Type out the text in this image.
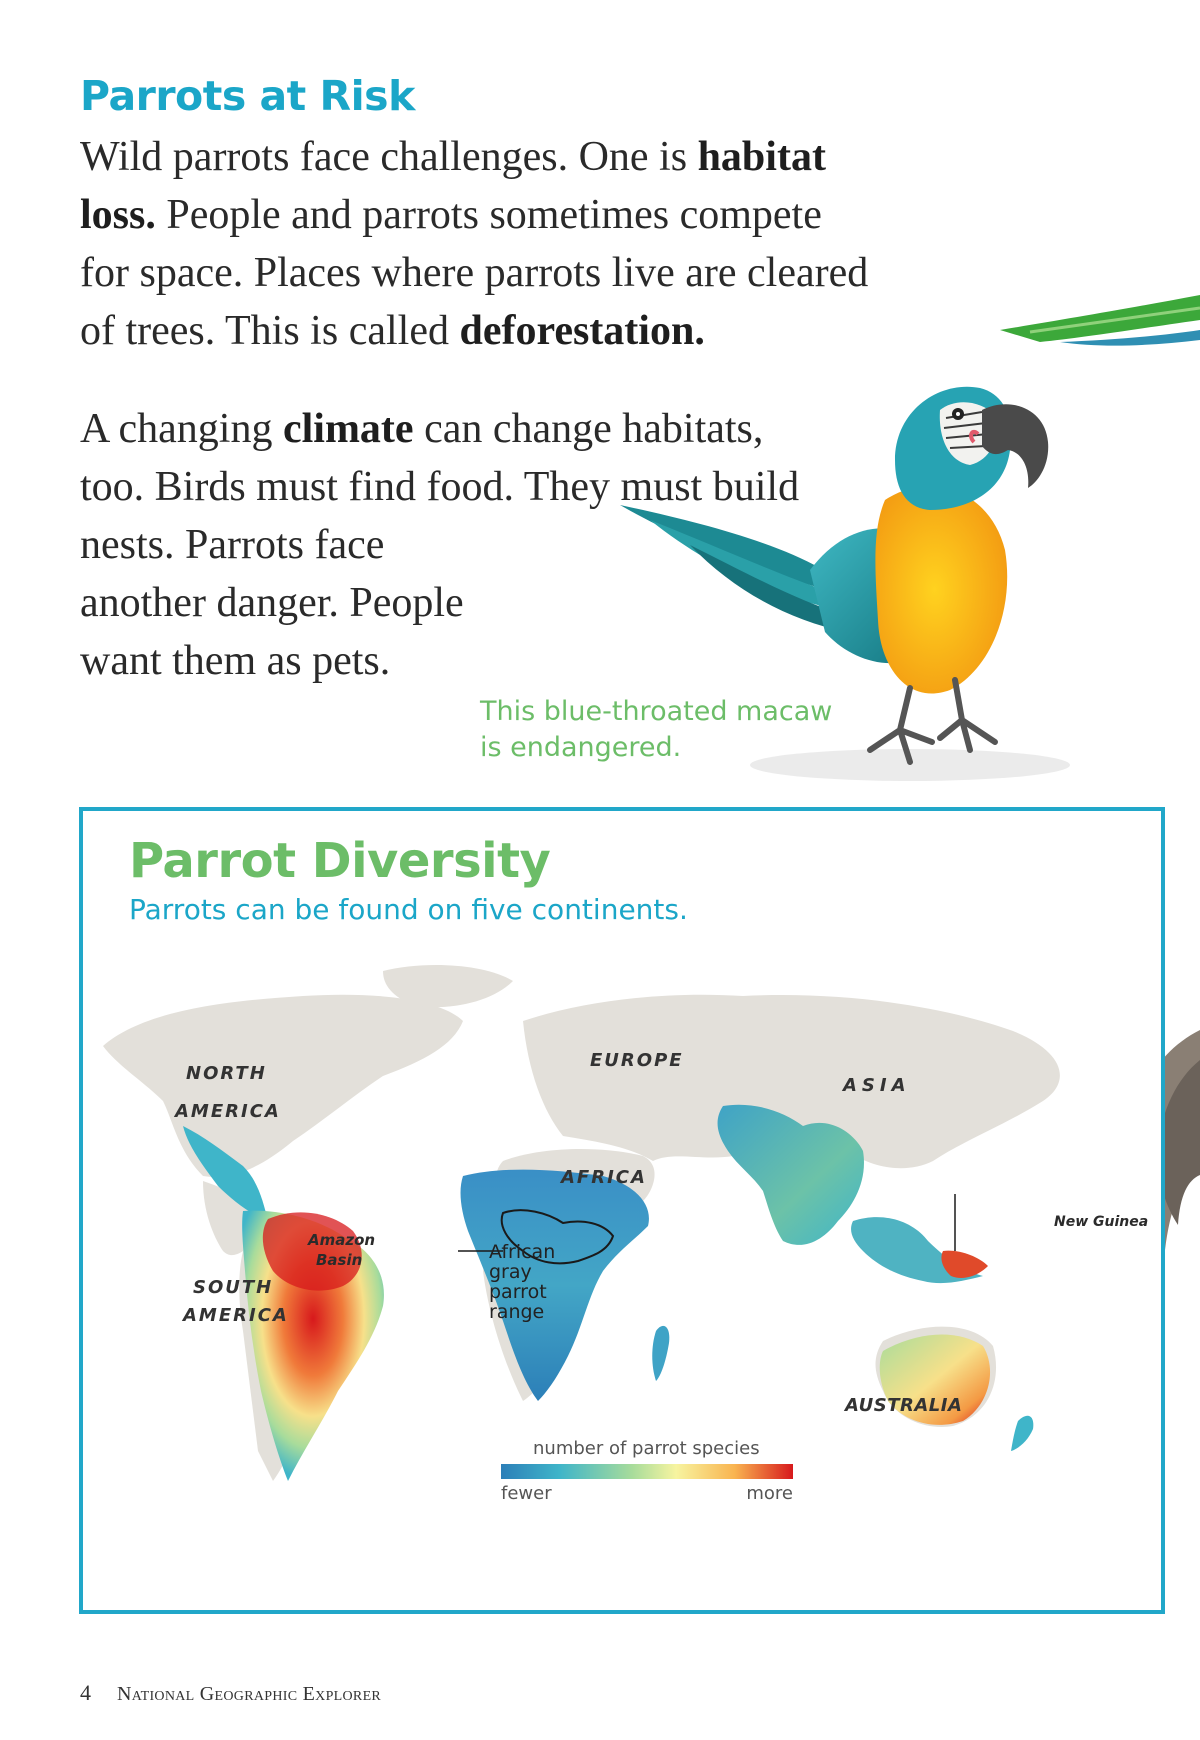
Parrots at Risk

Wild parrots face challenges. One is habitat loss. People and parrots sometimes compete for space. Places where parrots live are cleared of trees. This is called deforestation.

A changing climate can change habitats,
too. Birds must find food. They must build
nests. Parrots face
another danger. People
want them as pets.

This blue-throated macaw
is endangered.

Parrot Diversity

Parrots can be found on five continents.

NORTH
AMERICA
SOUTH
AMERICA
EUROPE
AFRICA
ASIA
AUSTRALIA
New Guinea
Amazon
Basin	African
gray
parrot
range
number of parrot species
fewer	more

4 National Geographic Explorer
